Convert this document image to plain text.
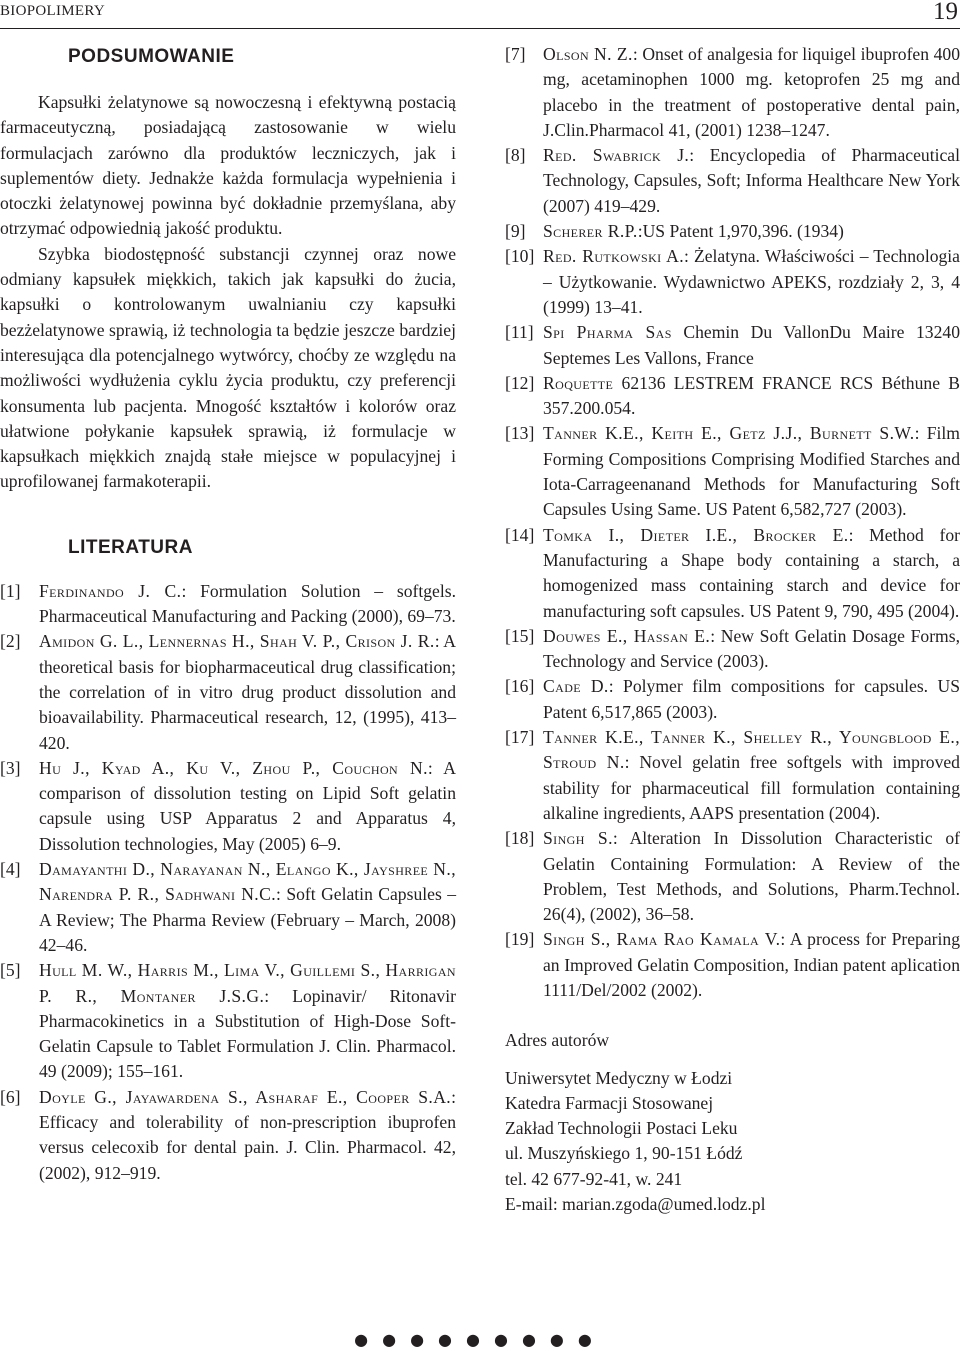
BIOPOLIMERY	19
PODSUMOWANIE

Kapsułki żelatynowe są nowoczesną i efektywną postacią farmaceutyczną, posiadającą zastosowanie w wielu formulacjach zarówno dla produktów leczniczych, jak i suplementów diety. Jednakże każda formulacja wypełnienia i otoczki żelatynowej powinna być dokładnie przemyślana, aby otrzymać odpowiednią jakość produktu.

Szybka biodostępność substancji czynnej oraz nowe odmiany kapsułek miękkich, takich jak kapsułki do żucia, kapsułki o kontrolowanym uwalnianiu czy kapsułki bezżelatynowe sprawią, iż technologia ta będzie jeszcze bardziej interesująca dla potencjalnego wytwórcy, choćby ze względu na możliwości wydłużenia cyklu życia produktu, czy preferencji konsumenta lub pacjenta. Mnogość kształtów i kolorów oraz ułatwione połykanie kapsułek sprawią, iż formulacje w kapsułkach miękkich znajdą stałe miejsce w populacyjnej i uprofilowanej farmakoterapii.

LITERATURA

[1] Ferdinando J. C.: Formulation Solution – softgels. Pharmaceutical Manufacturing and Packing (2000), 69–73.

[2] Amidon G. L., Lennernas H., Shah V. P., Crison J. R.: A theoretical basis for biopharmaceutical drug classification; the correlation of in vitro drug product dissolution and bioavailability. Pharmaceutical research, 12, (1995), 413–420.

[3] Hu J., Kyad A., Ku V., Zhou P., Couchon N.: A comparison of dissolution testing on Lipid Soft gelatin capsule using USP Apparatus 2 and Apparatus 4, Dissolution technologies, May (2005) 6–9.

[4] Damayanthi D., Narayanan N., Elango K., Jayshree N., Narendra P. R., Sadhwani N.C.: Soft Gelatin Capsules – A Review; The Pharma Review (February – March, 2008) 42–46.

[5] Hull M. W., Harris M., Lima V., Guillemi S., Harrigan P. R., Montaner J.S.G.: Lopinavir/ Ritonavir Pharmacokinetics in a Substitution of High-Dose Soft-Gelatin Capsule to Tablet Formulation J. Clin. Pharmacol. 49 (2009); 155–161.

[6] Doyle G., Jayawardena S., Asharaf E., Cooper S.A.: Efficacy and tolerability of non-prescription ibuprofen versus celecoxib for dental pain. J. Clin. Pharmacol. 42, (2002), 912–919.

[7] Olson N. Z.: Onset of analgesia for liquigel ibuprofen 400 mg, acetaminophen 1000 mg. ketoprofen 25 mg and placebo in the treatment of postoperative dental pain, J.Clin.Pharmacol 41, (2001) 1238–1247.

[8] Red. Swabrick J.: Encyclopedia of Pharmaceutical Technology, Capsules, Soft; Informa Healthcare New York (2007) 419–429.

[9] Scherer R.P.:US Patent 1,970,396. (1934)

[10] Red. Rutkowski A.: Żelatyna. Właściwości – Technologia – Użytkowanie. Wydawnictwo APEKS, rozdziały 2, 3, 4 (1999) 13–41.

[11] Spi Pharma Sas Chemin Du VallonDu Maire 13240 Septemes Les Vallons, France

[12] Roquette 62136 LESTREM FRANCE RCS Béthune B 357.200.054.

[13] Tanner K.E., Keith E., Getz J.J., Burnett S.W.: Film Forming Compositions Comprising Modified Starches and Iota-Carrageenanand Methods for Manufacturing Soft Capsules Using Same. US Patent 6,582,727 (2003).

[14] Tomka I., Dieter I.E., Brocker E.: Method for Manufacturing a Shape body containing a starch, a homogenized mass containing starch and device for manufacturing soft capsules. US Patent 9, 790, 495 (2004).

[15] Douwes E., Hassan E.: New Soft Gelatin Dosage Forms, Technology and Service (2003).

[16] Cade D.: Polymer film compositions for capsules. US Patent 6,517,865 (2003).

[17] Tanner K.E., Tanner K., Shelley R., Youngblood E., Stroud N.: Novel gelatin free softgels with improved stability for pharmaceutical fill formulation containing alkaline ingredients, AAPS presentation (2004).

[18] Singh S.: Alteration In Dissolution Characteristic of Gelatin Containing Formulation: A Review of the Problem, Test Methods, and Solutions, Pharm.Technol. 26(4), (2002), 36–58.

[19] Singh S., Rama Rao Kamala V.: A process for Preparing an Improved Gelatin Composition, Indian patent aplication 1111/Del/2002 (2002).

Adres autorów

Uniwersytet Medyczny w Łodzi
Katedra Farmacji Stosowanej
Zakład Technologii Postaci Leku
ul. Muszyńskiego 1, 90-151 Łódź
tel. 42 677-92-41, w. 241
E-mail: marian.zgoda@umed.lodz.pl
●●●●●●●●●
